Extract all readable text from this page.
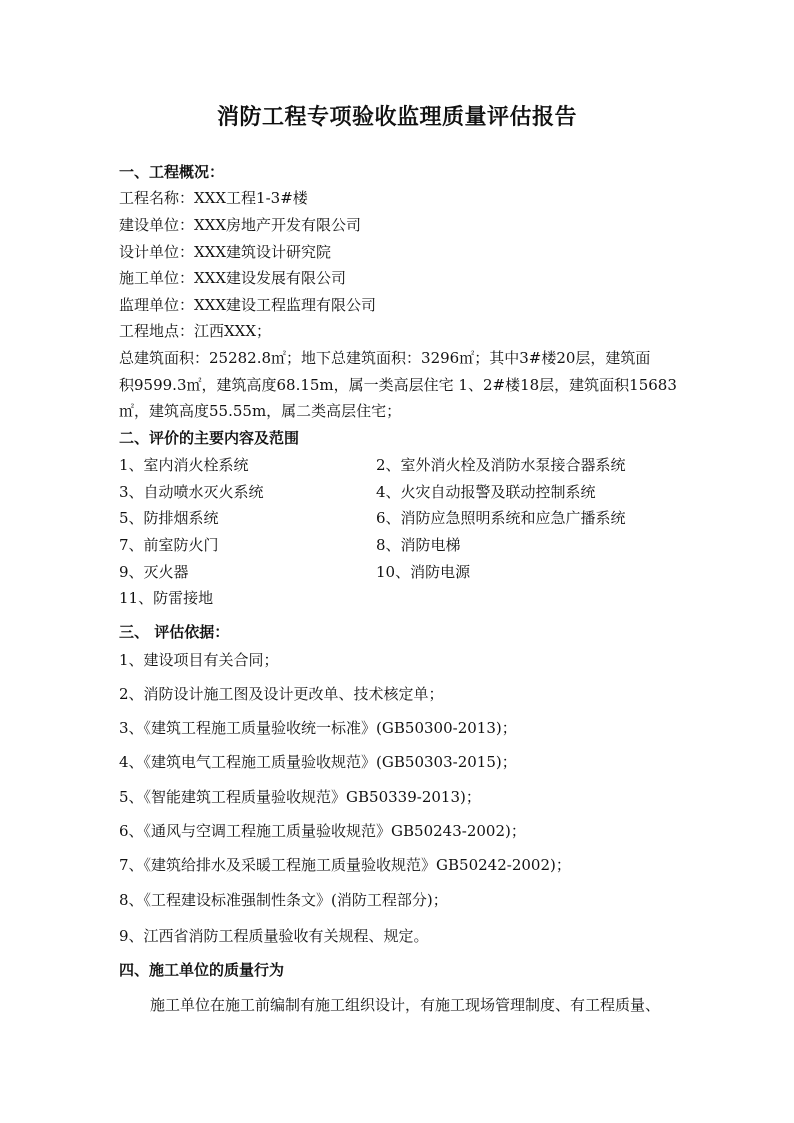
消防工程专项验收监理质量评估报告
一、工程概况：
工程名称：XXX工程1-3#楼
建设单位：XXX房地产开发有限公司
设计单位：XXX建筑设计研究院
施工单位：XXX建设发展有限公司
监理单位：XXX建设工程监理有限公司
工程地点：江西XXX；
总建筑面积：25282.8㎡；地下总建筑面积：3296㎡；其中3#楼20层，建筑面
积9599.3㎡，建筑高度68.15m，属一类高层住宅 1、2#楼18层，建筑面积15683
㎡，建筑高度55.55m，属二类高层住宅；
二、评价的主要内容及范围
1、室内消火栓系统	2、室外消火栓及消防水泵接合器系统
3、自动喷水灭火系统	4、火灾自动报警及联动控制系统
5、防排烟系统	6、消防应急照明系统和应急广播系统
7、前室防火门	8、消防电梯
9、灭火器	10、消防电源
11、防雷接地
三、 评估依据：
1、建设项目有关合同；
2、消防设计施工图及设计更改单、技术核定单；
3、《建筑工程施工质量验收统一标准》(GB50300-2013)；
4、《建筑电气工程施工质量验收规范》(GB50303-2015)；
5、《智能建筑工程质量验收规范》GB50339-2013)；
6、《通风与空调工程施工质量验收规范》GB50243-2002)；
7、《建筑给排水及采暖工程施工质量验收规范》GB50242-2002)；
8、《工程建设标准强制性条文》(消防工程部分)；
9、江西省消防工程质量验收有关规程、规定。
四、施工单位的质量行为
施工单位在施工前编制有施工组织设计，有施工现场管理制度、有工程质量、
